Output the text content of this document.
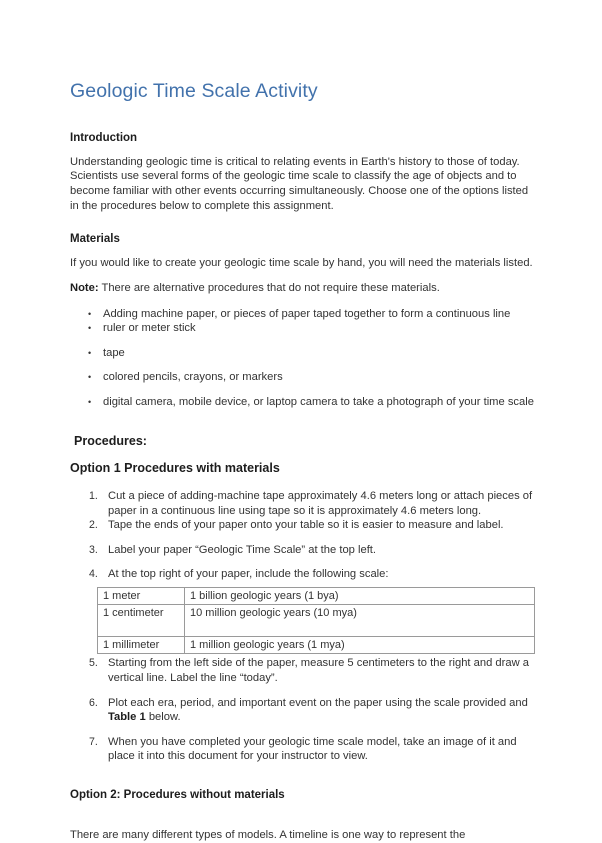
Geologic Time Scale Activity
Introduction

Understanding geologic time is critical to relating events in Earth's history to those of today. Scientists use several forms of the geologic time scale to classify the age of objects and to become familiar with other events occurring simultaneously. Choose one of the options listed in the procedures below to complete this assignment.

Materials

If you would like to create your geologic time scale by hand, you will need the materials listed.

Note: There are alternative procedures that do not require these materials.

• Adding machine paper, or pieces of paper taped together to form a continuous line
• ruler or meter stick
• tape
• colored pencils, crayons, or markers
• digital camera, mobile device, or laptop camera to take a photograph of your time scale
Procedures:
Option 1 Procedures with materials
1. Cut a piece of adding-machine tape approximately 4.6 meters long or attach pieces of paper in a continuous line using tape so it is approximately 4.6 meters long.
2. Tape the ends of your paper onto your table so it is easier to measure and label.
3. Label your paper “Geologic Time Scale” at the top left.
4. At the top right of your paper, include the following scale:
1 meter	1 billion geologic years (1 bya)
1 centimeter	10 million geologic years (10 mya)
1 millimeter	1 million geologic years (1 mya)
5. Starting from the left side of the paper, measure 5 centimeters to the right and draw a vertical line. Label the line “today”.
6. Plot each era, period, and important event on the paper using the scale provided and Table 1 below.
7. When you have completed your geologic time scale model, take an image of it and place it into this document for your instructor to view.
Option 2: Procedures without materials

There are many different types of models. A timeline is one way to represent the
